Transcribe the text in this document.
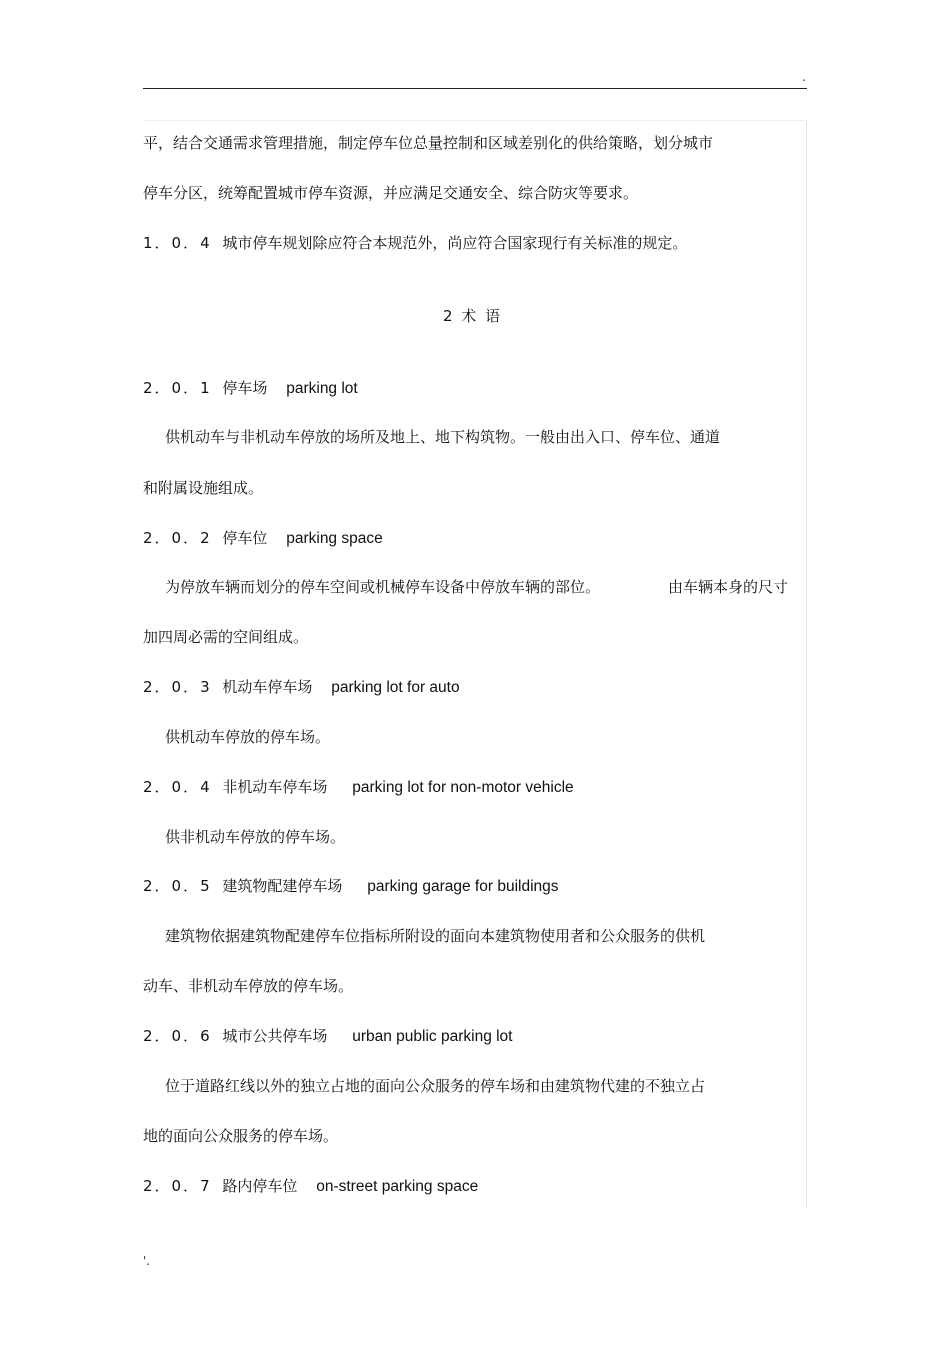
.
平，结合交通需求管理措施，制定停车位总量控制和区域差别化的供给策略，划分城市
停车分区，统筹配置城市停车资源，并应满足交通安全、综合防灾等要求。
1．0．4 城市停车规划除应符合本规范外，尚应符合国家现行有关标准的规定。
2 术 语
2．0．1 停车场 parking lot
供机动车与非机动车停放的场所及地上、地下构筑物。一般由出入口、停车位、通道
和附属设施组成。
2．0．2 停车位 parking space
为停放车辆而划分的停车空间或机械停车设备中停放车辆的部位。	由车辆本身的尺寸
加四周必需的空间组成。
2．0．3 机动车停车场 parking lot for auto
供机动车停放的停车场。
2．0．4 非机动车停车场 parking lot for non-motor vehicle
供非机动车停放的停车场。
2．0．5 建筑物配建停车场 parking garage for buildings
建筑物依据建筑物配建停车位指标所附设的面向本建筑物使用者和公众服务的供机
动车、非机动车停放的停车场。
2．0．6 城市公共停车场 urban public parking lot
位于道路红线以外的独立占地的面向公众服务的停车场和由建筑物代建的不独立占
地的面向公众服务的停车场。
2．0．7 路内停车位 on-street parking space
'.
